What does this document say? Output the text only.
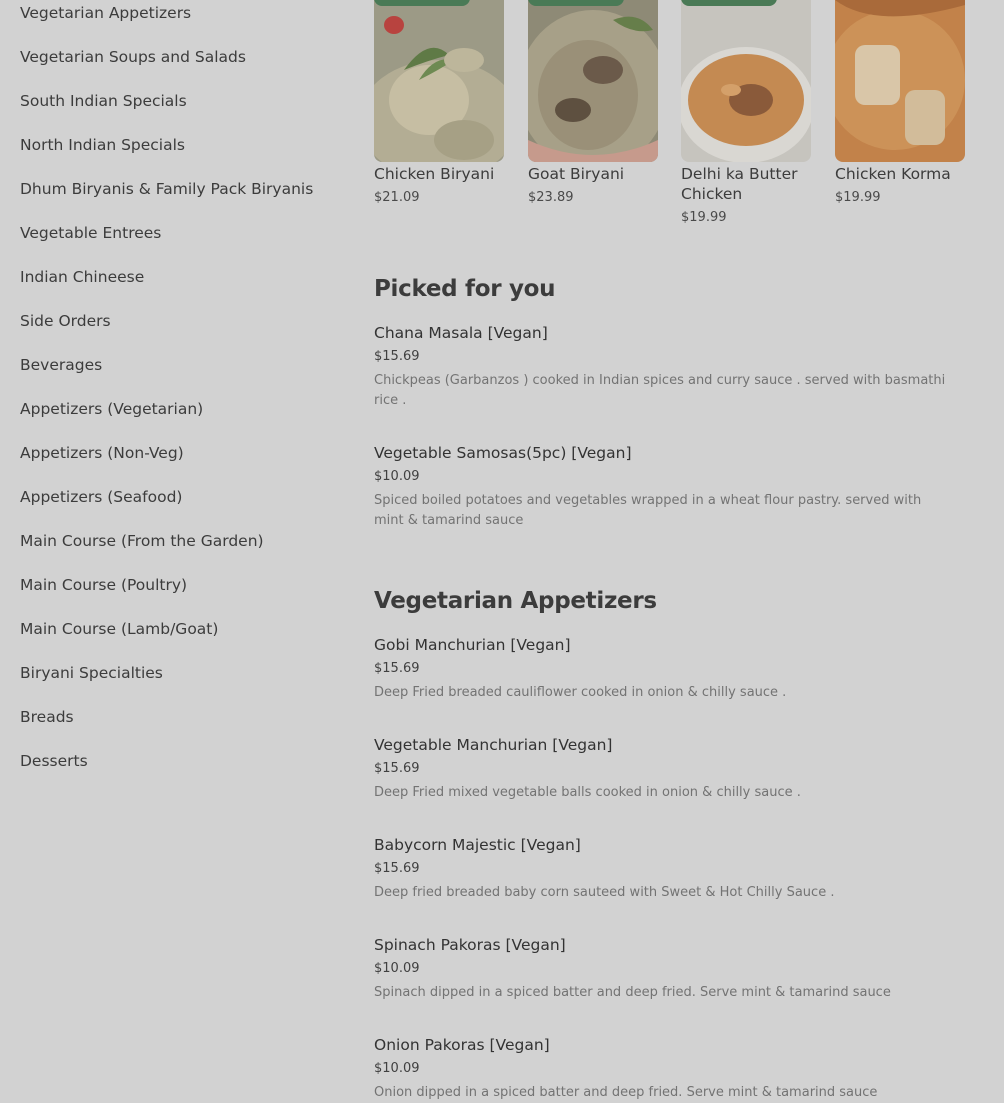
Vegetarian Appetizers
Vegetarian Soups and Salads
South Indian Specials
North Indian Specials
Dhum Biryanis & Family Pack Biryanis
Vegetable Entrees
Indian Chineese
Side Orders
Beverages
Appetizers (Vegetarian)
Appetizers (Non-Veg)
Appetizers (Seafood)
Main Course (From the Garden)
Main Course (Poultry)
Main Course (Lamb/Goat)
Biryani Specialties
Breads
Desserts
Chicken Biryani
$21.09
Goat Biryani
$23.89
Delhi ka Butter Chicken
$19.99
Chicken Korma
$19.99
Picked for you
Chana Masala [Vegan]
$15.69
Chickpeas (Garbanzos ) cooked in Indian spices and curry sauce . served with basmathi rice .
Vegetable Samosas(5pc) [Vegan]
$10.09
Spiced boiled potatoes and vegetables wrapped in a wheat flour pastry. served with mint & tamarind sauce
Vegetarian Appetizers
Gobi Manchurian [Vegan]
$15.69
Deep Fried breaded cauliflower cooked in onion & chilly sauce .
Vegetable Manchurian [Vegan]
$15.69
Deep Fried mixed vegetable balls cooked in onion & chilly sauce .
Babycorn Majestic [Vegan]
$15.69
Deep fried breaded baby corn sauteed with Sweet & Hot Chilly Sauce .
Spinach Pakoras [Vegan]
$10.09
Spinach dipped in a spiced batter and deep fried. Serve mint & tamarind sauce
Onion Pakoras [Vegan]
$10.09
Onion dipped in a spiced batter and deep fried. Serve mint & tamarind sauce
